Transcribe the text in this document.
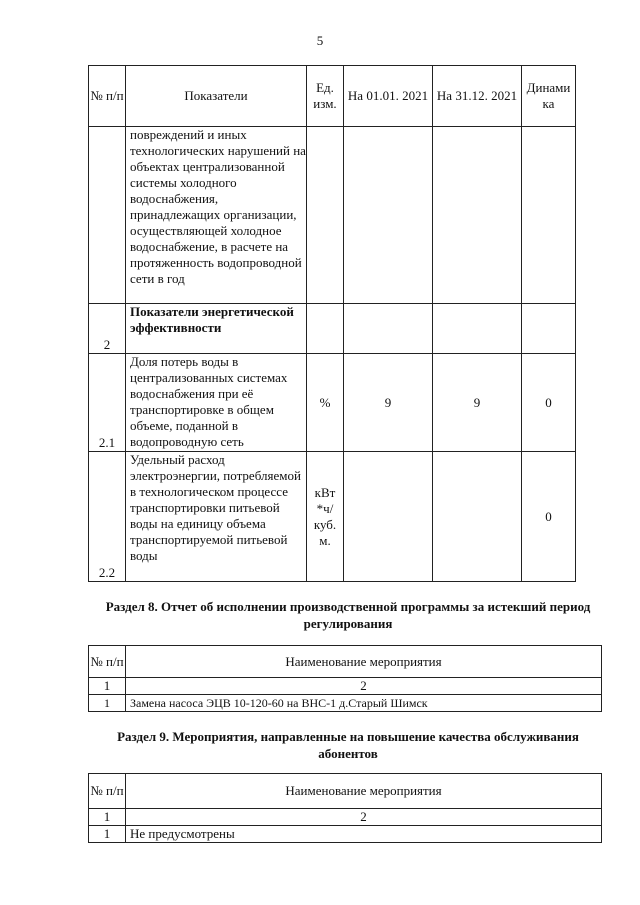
5
№ п/п	Показатели	Ед. изм.	На 01.01. 2021	На 31.12. 2021	Динами ка
	повреждений и иных технологических нарушений на объектах централизованной системы холодного водоснабжения, принадлежащих организации, осуществляющей холодное водоснабжение, в расчете на протяженность водопроводной сети в год				
2	Показатели энергетической эффективности				
2.1	Доля потерь воды в централизованных системах водоснабжения при её транспортировке в общем объеме, поданной в водопроводную сеть	%	9	9	0
2.2	Удельный расход электроэнергии, потребляемой в технологическом процессе транспортировки питьевой воды на единицу объема транспортируемой питьевой воды	кВт *ч/ куб. м.			0
Раздел 8. Отчет об исполнении производственной программы за истекший период регулирования
№ п/п	Наименование мероприятия
1	2
1	Замена насоса ЭЦВ 10-120-60 на ВНС-1 д.Старый Шимск
Раздел 9. Мероприятия, направленные на повышение качества обслуживания абонентов
№ п/п	Наименование мероприятия
1	2
1	Не предусмотрены
